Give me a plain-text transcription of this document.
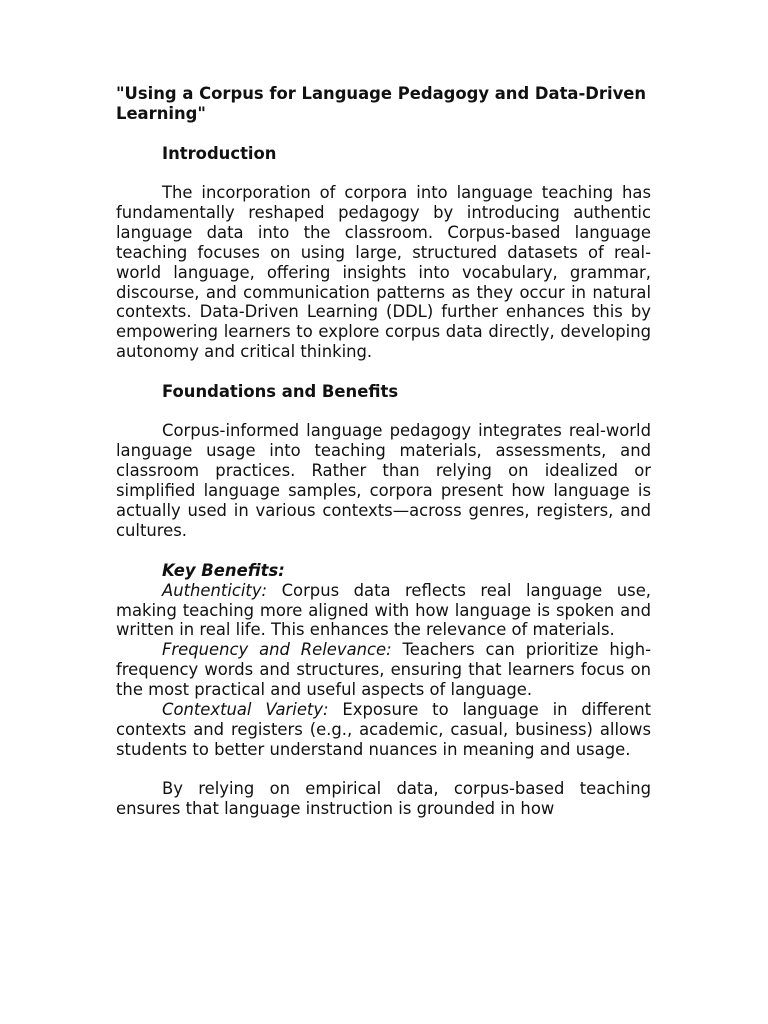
"Using a Corpus for Language Pedagogy and Data-Driven Learning"

Introduction

The incorporation of corpora into language teaching has fundamentally reshaped pedagogy by introducing authentic language data into the classroom. Corpus-based language teaching focuses on using large, structured datasets of real-world language, offering insights into vocabulary, grammar, discourse, and communication patterns as they occur in natural contexts. Data-Driven Learning (DDL) further enhances this by empowering learners to explore corpus data directly, developing autonomy and critical thinking.

Foundations and Benefits

Corpus-informed language pedagogy integrates real-world language usage into teaching materials, assessments, and classroom practices. Rather than relying on idealized or simplified language samples, corpora present how language is actually used in various contexts—across genres, registers, and cultures.

Key Benefits:

Authenticity: Corpus data reflects real language use, making teaching more aligned with how language is spoken and written in real life. This enhances the relevance of materials.

Frequency and Relevance: Teachers can prioritize high-frequency words and structures, ensuring that learners focus on the most practical and useful aspects of language.

Contextual Variety: Exposure to language in different contexts and registers (e.g., academic, casual, business) allows students to better understand nuances in meaning and usage.

By relying on empirical data, corpus-based teaching ensures that language instruction is grounded in how
